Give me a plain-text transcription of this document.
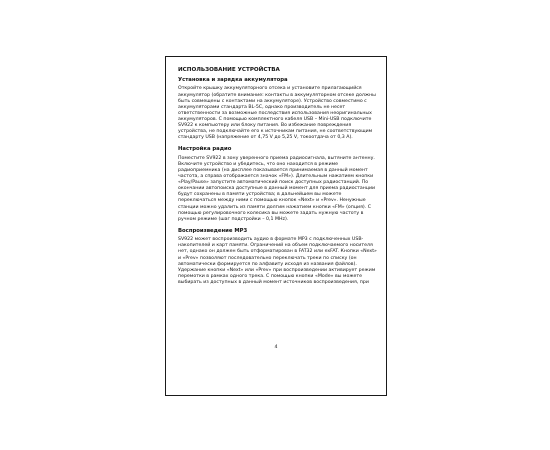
ИСПОЛЬЗОВАНИЕ УСТРОЙСТВА
Установка и зарядка аккумулятора
Откройте крышку аккумуляторного отсека и установите прилагающийся аккумулятор (обратите внимание: контакты в аккумуляторном отсеке должны быть совмещены с контактами на аккумуляторе). Устройство совместимо с аккумуляторами стандарта BL-5C, однако производитель не несет ответственности за возможные последствия использования неоригинальных аккумуляторов. С помощью комплектного кабеля USB – Mini-USB подключите SV922 к компьютеру или блоку питания. Во избежание повреждения устройства, не подключайте его к источникам питания, не соответствующим стандарту USB (напряжение от 4,75 V до 5,25 V, токоотдача от 0,3 A).
Настройка радио
Поместите SV922 в зону уверенного приема радиосигнала, вытяните антенну. Включите устройство и убедитесь, что оно находится в режиме радиоприемника (на дисплее показывается принимаемая в данный момент частота, а справа отображается значок «FM»). Длительным нажатием кнопки «Play/Pause» запустите автоматический поиск доступных радиостанций. По окончании автопоиска доступные в данный момент для приема радиостанции будут сохранены в памяти устройства; в дальнейшем вы можете переключаться между ними с помощью кнопок «Next» и «Prev». Ненужные станции можно удалить из памяти долгим нажатием кнопки «FM» (опция). С помощью регулировочного колесика вы можете задать нужную частоту в ручном режиме (шаг подстройки – 0,1 MHz).
Воспроизведение MP3
SV922 может воспроизводить аудио в формате MP3 с подключенных USB-накопителей и карт памяти. Ограничений на объем подключаемого носителя нет, однако он должен быть отформатирован в FAT32 или exFAT. Кнопки «Next» и «Prev» позволяют последовательно переключать треки по списку (он автоматически формируется по алфавиту исходя из названия файлов). Удержание кнопки «Next» или «Prev» при воспроизведении активирует режим перемотки в рамках одного трека. С помощью кнопки «Mode» вы можете выбирать из доступных в данный момент источников воспроизведения, при
4
